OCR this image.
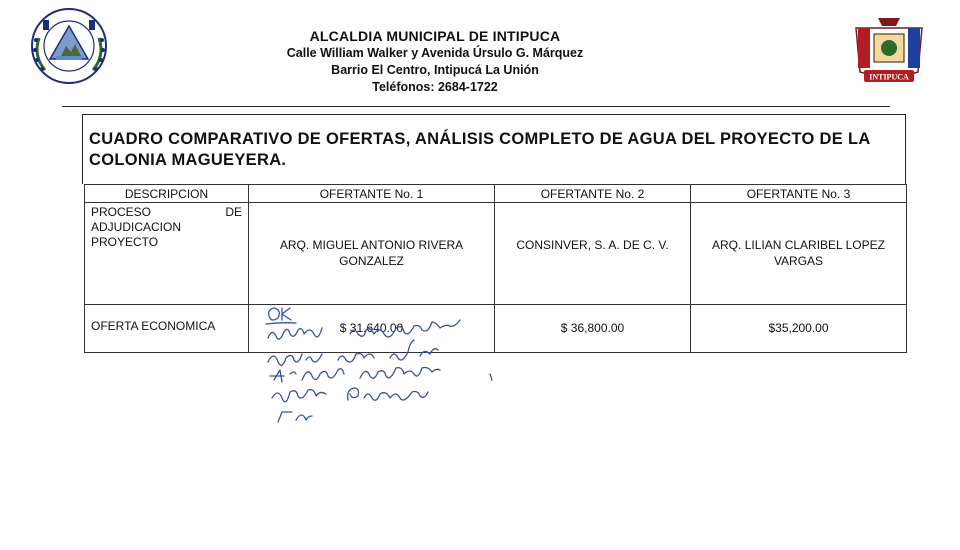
INTIPUCA
ALCALDIA MUNICIPAL DE INTIPUCA
Calle William Walker y Avenida Úrsulo G. Márquez
Barrio El Centro, Intipucá La Unión
Teléfonos: 2684-1722
CUADRO COMPARATIVO DE OFERTAS, ANÁLISIS COMPLETO DE AGUA DEL PROYECTO DE LA COLONIA MAGUEYERA.
DESCRIPCION	OFERTANTE No. 1	OFERTANTE No. 2	OFERTANTE No. 3
PROCESO DE ADJUDICACION PROYECTO	ARQ. MIGUEL ANTONIO RIVERA GONZALEZ	CONSINVER, S. A. DE C. V.	ARQ. LILIAN CLARIBEL LOPEZ VARGAS
OFERTA ECONOMICA	$ 31,640.00	$ 36,800.00	$35,200.00
